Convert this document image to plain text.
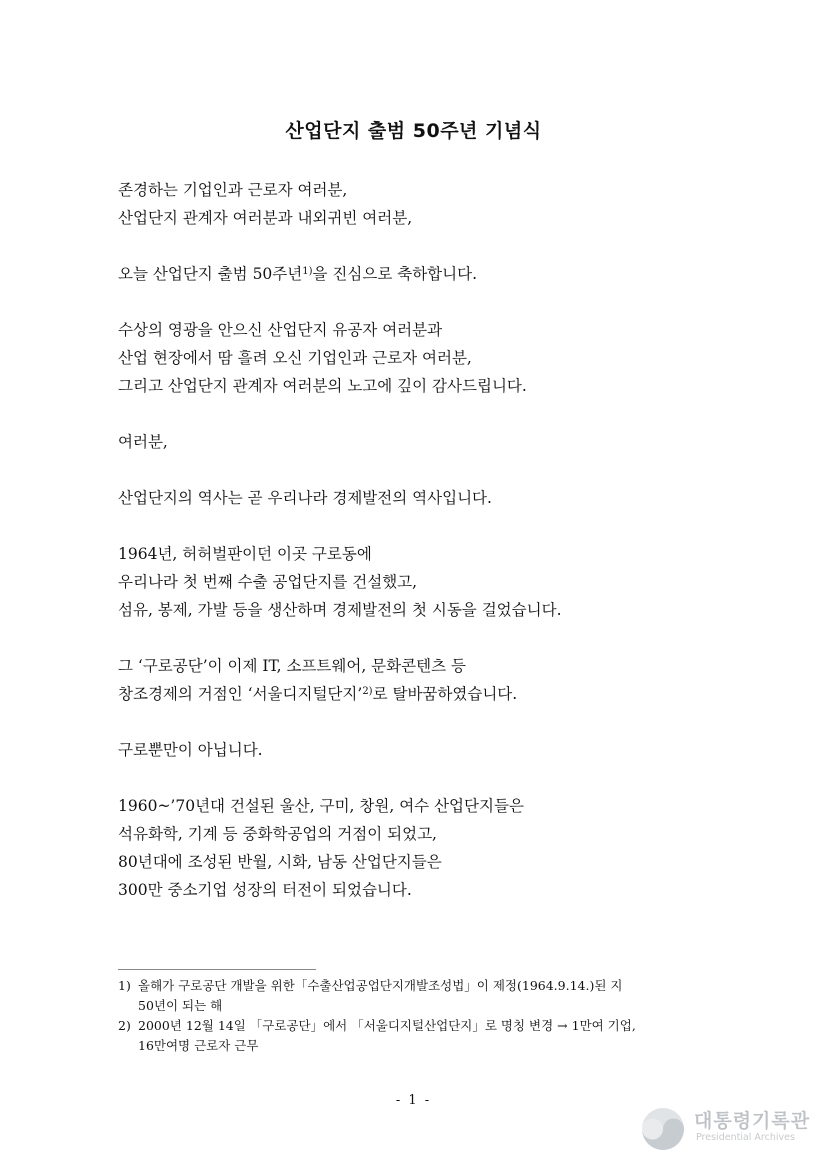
산업단지 출범 50주년 기념식

존경하는 기업인과 근로자 여러분,
산업단지 관계자 여러분과 내외귀빈 여러분,

오늘 산업단지 출범 50주년$^{1)}$을 진심으로 축하합니다.

수상의 영광을 안으신 산업단지 유공자 여러분과
산업 현장에서 땀 흘려 오신 기업인과 근로자 여러분,
그리고 산업단지 관계자 여러분의 노고에 깊이 감사드립니다.

여러분,

산업단지의 역사는 곧 우리나라 경제발전의 역사입니다.

1964년, 허허벌판이던 이곳 구로동에
우리나라 첫 번째 수출 공업단지를 건설했고,
섬유, 봉제, 가발 등을 생산하며 경제발전의 첫 시동을 걸었습니다.

그 ‘구로공단’이 이제 IT, 소프트웨어, 문화콘텐츠 등
창조경제의 거점인 ‘서울디지털단지’$^{2)}$로 탈바꿈하였습니다.

구로뿐만이 아닙니다.

1960~’70년대 건설된 울산, 구미, 창원, 여수 산업단지들은
석유화학, 기계 등 중화학공업의 거점이 되었고,
80년대에 조성된 반월, 시화, 남동 산업단지들은
300만 중소기업 성장의 터전이 되었습니다.

1) 올해가 구로공단 개발을 위한「수출산업공업단지개발조성법」이 제정(1964.9.14.)된 지
50년이 되는 해
2) 2000년 12월 14일 「구로공단」에서 「서울디지털산업단지」로 명칭 변경 → 1만여 기업,
16만여명 근로자 근무
- 1 -
대통령기록관
Presidential Archives
